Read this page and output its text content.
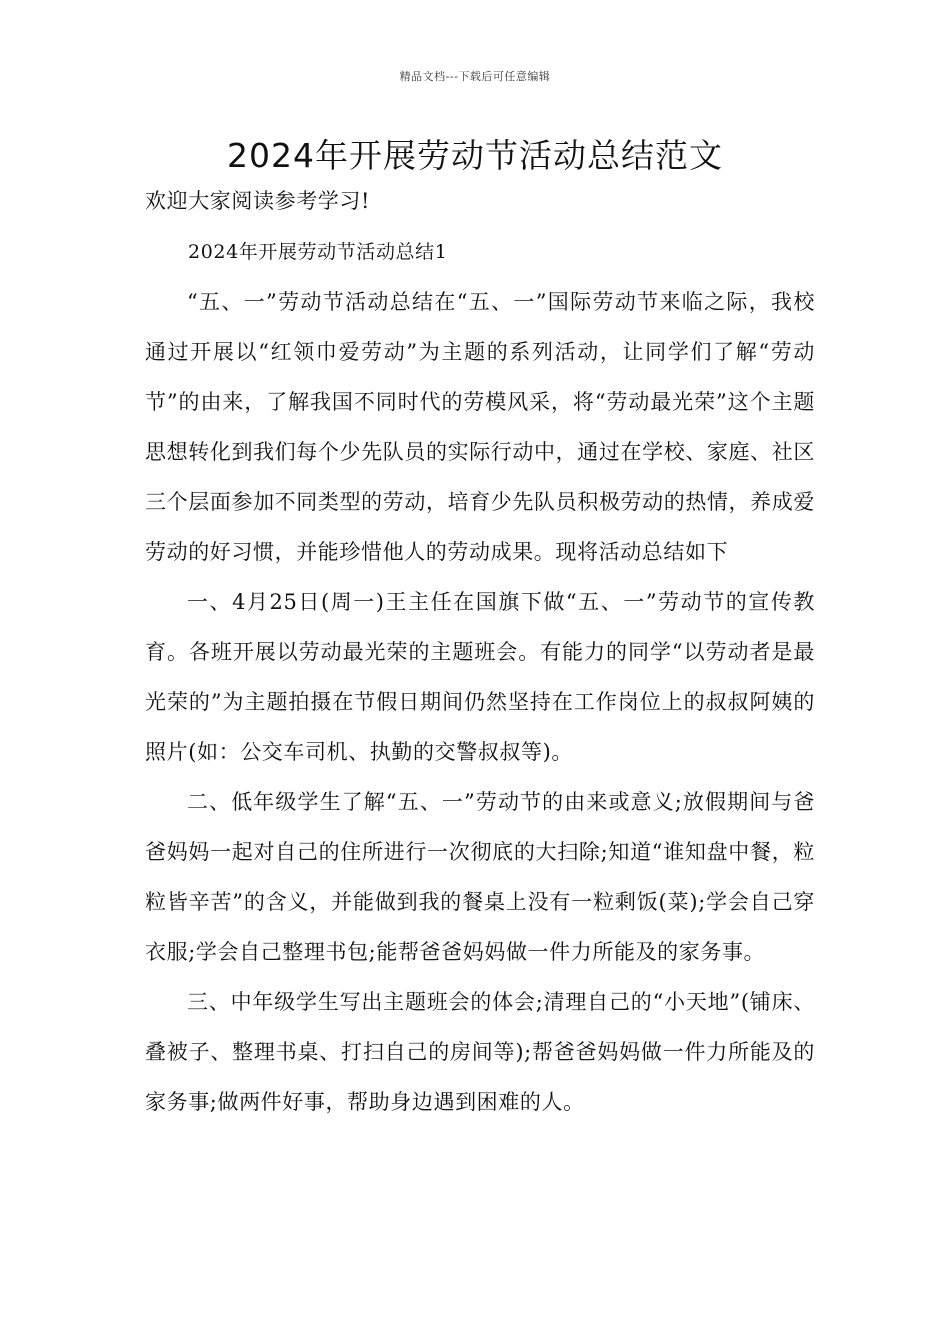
精品文档---下载后可任意编辑
2024年开展劳动节活动总结范文
欢迎大家阅读参考学习!
2024年开展劳动节活动总结1

“五、一”劳动节活动总结在“五、一”国际劳动节来临之际，我校通过开展以“红领巾爱劳动”为主题的系列活动，让同学们了解“劳动节”的由来，了解我国不同时代的劳模风采，将“劳动最光荣”这个主题思想转化到我们每个少先队员的实际行动中，通过在学校、家庭、社区三个层面参加不同类型的劳动，培育少先队员积极劳动的热情，养成爱劳动的好习惯，并能珍惜他人的劳动成果。现将活动总结如下

一、4月25日(周一)王主任在国旗下做“五、一”劳动节的宣传教育。各班开展以劳动最光荣的主题班会。有能力的同学“以劳动者是最光荣的”为主题拍摄在节假日期间仍然坚持在工作岗位上的叔叔阿姨的照片(如：公交车司机、执勤的交警叔叔等)。

二、低年级学生了解“五、一”劳动节的由来或意义;放假期间与爸爸妈妈一起对自己的住所进行一次彻底的大扫除;知道“谁知盘中餐，粒粒皆辛苦”的含义，并能做到我的餐桌上没有一粒剩饭(菜);学会自己穿衣服;学会自己整理书包;能帮爸爸妈妈做一件力所能及的家务事。

三、中年级学生写出主题班会的体会;清理自己的“小天地”(铺床、叠被子、整理书桌、打扫自己的房间等);帮爸爸妈妈做一件力所能及的家务事;做两件好事，帮助身边遇到困难的人。
